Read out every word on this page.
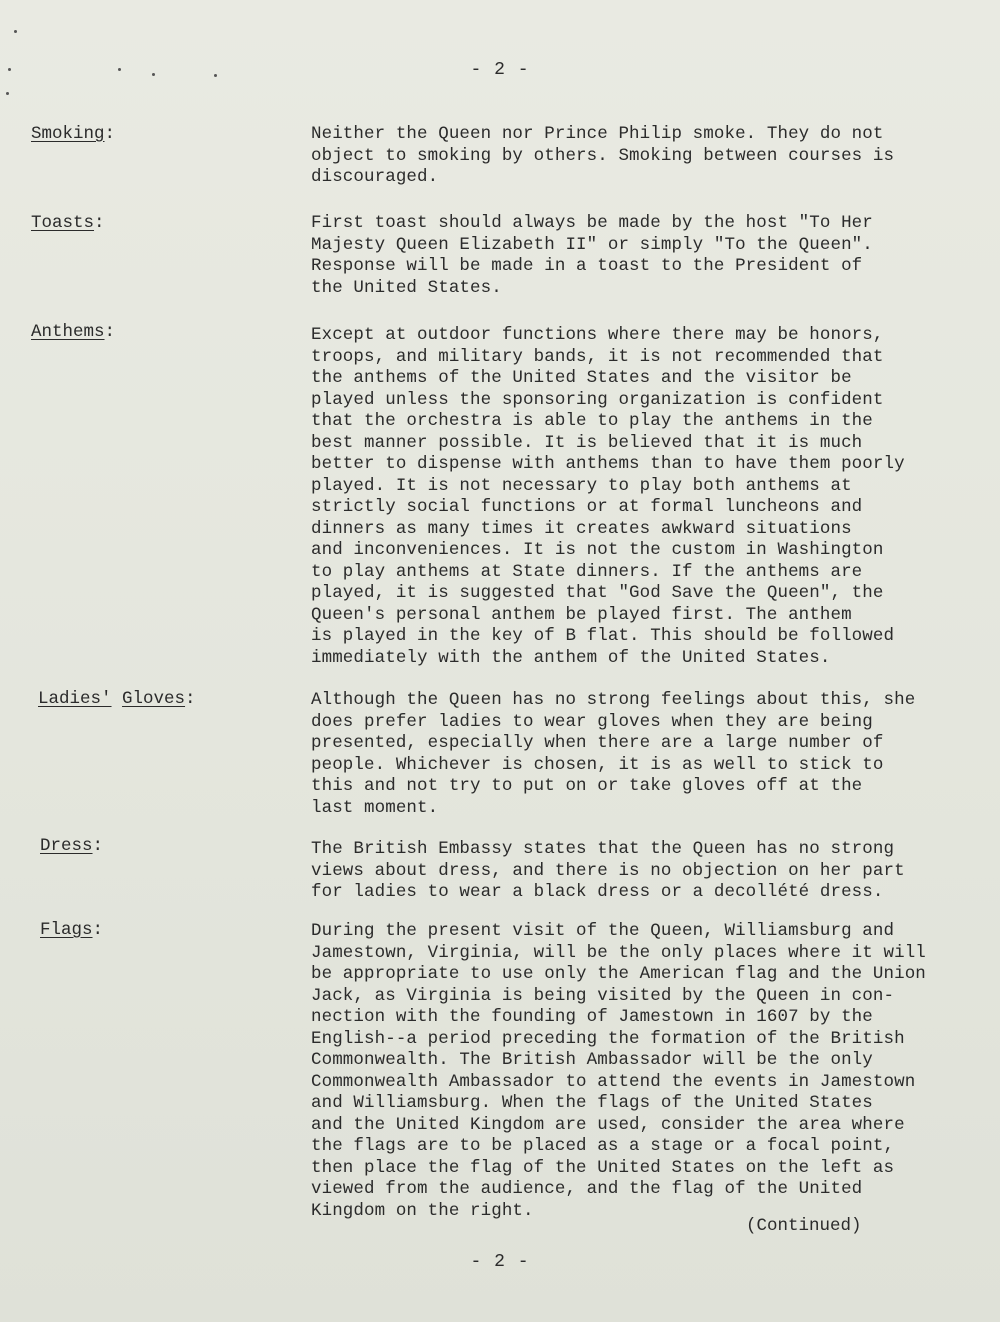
- 2 -
Smoking:	Neither the Queen nor Prince Philip smoke. They do not
object to smoking by others. Smoking between courses is
discouraged.
Toasts:	First toast should always be made by the host "To Her
Majesty Queen Elizabeth II" or simply "To the Queen".
Response will be made in a toast to the President of
the United States.
Anthems:	Except at outdoor functions where there may be honors,
troops, and military bands, it is not recommended that
the anthems of the United States and the visitor be
played unless the sponsoring organization is confident
that the orchestra is able to play the anthems in the
best manner possible. It is believed that it is much
better to dispense with anthems than to have them poorly
played. It is not necessary to play both anthems at
strictly social functions or at formal luncheons and
dinners as many times it creates awkward situations
and inconveniences. It is not the custom in Washington
to play anthems at State dinners. If the anthems are
played, it is suggested that "God Save the Queen", the
Queen's personal anthem be played first. The anthem
is played in the key of B flat. This should be followed
immediately with the anthem of the United States.
Ladies' Gloves:	Although the Queen has no strong feelings about this, she
does prefer ladies to wear gloves when they are being
presented, especially when there are a large number of
people. Whichever is chosen, it is as well to stick to
this and not try to put on or take gloves off at the
last moment.
Dress:	The British Embassy states that the Queen has no strong
views about dress, and there is no objection on her part
for ladies to wear a black dress or a decollété dress.
Flags:	During the present visit of the Queen, Williamsburg and
Jamestown, Virginia, will be the only places where it will
be appropriate to use only the American flag and the Union
Jack, as Virginia is being visited by the Queen in con-
nection with the founding of Jamestown in 1607 by the
English--a period preceding the formation of the British
Commonwealth. The British Ambassador will be the only
Commonwealth Ambassador to attend the events in Jamestown
and Williamsburg. When the flags of the United States
and the United Kingdom are used, consider the area where
the flags are to be placed as a stage or a focal point,
then place the flag of the United States on the left as
viewed from the audience, and the flag of the United
Kingdom on the right.
(Continued)
- 2 -
